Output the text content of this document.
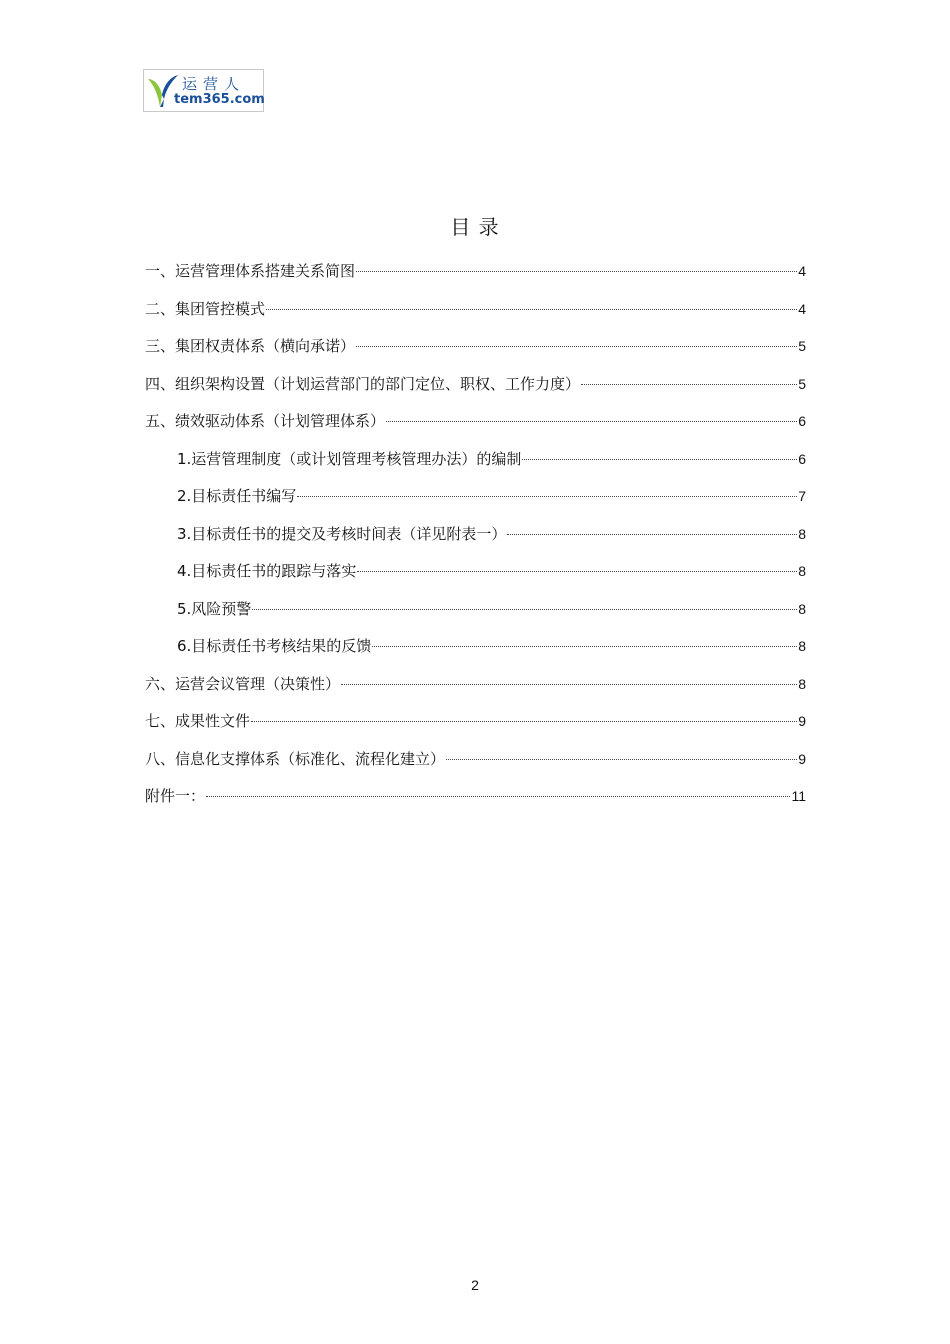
运营人
tem365.com
目 录
一、运营管理体系搭建关系简图	4
二、集团管控模式	4
三、集团权责体系（横向承诺）	5
四、组织架构设置（计划运营部门的部门定位、职权、工作力度）	5
五、绩效驱动体系（计划管理体系）	6
1.运营管理制度（或计划管理考核管理办法）的编制	6
2.目标责任书编写	7
3.目标责任书的提交及考核时间表（详见附表一）	8
4.目标责任书的跟踪与落实	8
5.风险预警	8
6.目标责任书考核结果的反馈	8
六、运营会议管理（决策性）	8
七、成果性文件	9
八、信息化支撑体系（标准化、流程化建立）	9
附件一：	11
2
